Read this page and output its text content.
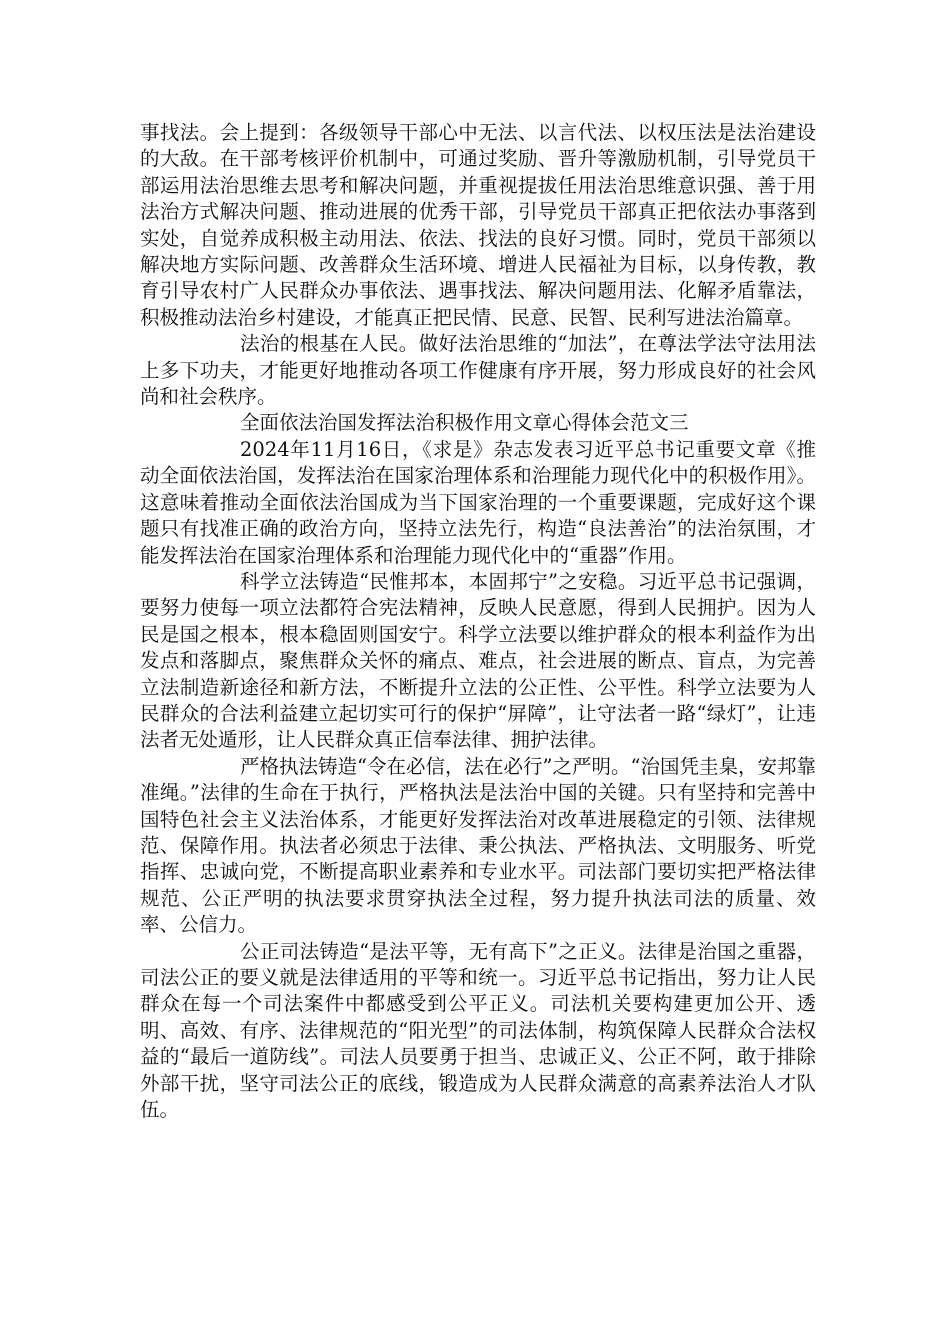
事找法。会上提到：各级领导干部心中无法、以言代法、以权压法是法治建设的大敌。在干部考核评价机制中，可通过奖励、晋升等激励机制，引导党员干部运用法治思维去思考和解决问题，并重视提拔任用法治思维意识强、善于用法治方式解决问题、推动进展的优秀干部，引导党员干部真正把依法办事落到实处，自觉养成积极主动用法、依法、找法的良好习惯。同时，党员干部须以解决地方实际问题、改善群众生活环境、增进人民福祉为目标，以身传教，教育引导农村广人民群众办事依法、遇事找法、解决问题用法、化解矛盾靠法，积极推动法治乡村建设，才能真正把民情、民意、民智、民利写进法治篇章。

法治的根基在人民。做好法治思维的“加法”，在尊法学法守法用法上多下功夫，才能更好地推动各项工作健康有序开展，努力形成良好的社会风尚和社会秩序。

全面依法治国发挥法治积极作用文章心得体会范文三

2024年11月16日，《求是》杂志发表习近平总书记重要文章《推动全面依法治国，发挥法治在国家治理体系和治理能力现代化中的积极作用》。这意味着推动全面依法治国成为当下国家治理的一个重要课题，完成好这个课题只有找准正确的政治方向，坚持立法先行，构造“良法善治”的法治氛围，才能发挥法治在国家治理体系和治理能力现代化中的“重器”作用。

科学立法铸造“民惟邦本，本固邦宁”之安稳。习近平总书记强调，要努力使每一项立法都符合宪法精神，反映人民意愿，得到人民拥护。因为人民是国之根本，根本稳固则国安宁。科学立法要以维护群众的根本利益作为出发点和落脚点，聚焦群众关怀的痛点、难点，社会进展的断点、盲点，为完善立法制造新途径和新方法，不断提升立法的公正性、公平性。科学立法要为人民群众的合法利益建立起切实可行的保护“屏障”，让守法者一路“绿灯”，让违法者无处遁形，让人民群众真正信奉法律、拥护法律。

严格执法铸造“令在必信，法在必行”之严明。“治国凭圭臬，安邦靠准绳。”法律的生命在于执行，严格执法是法治中国的关键。只有坚持和完善中国特色社会主义法治体系，才能更好发挥法治对改革进展稳定的引领、法律规范、保障作用。执法者必须忠于法律、秉公执法、严格执法、文明服务、听党指挥、忠诚向党，不断提高职业素养和专业水平。司法部门要切实把严格法律规范、公正严明的执法要求贯穿执法全过程，努力提升执法司法的质量、效率、公信力。

公正司法铸造“是法平等，无有高下”之正义。法律是治国之重器，司法公正的要义就是法律适用的平等和统一。习近平总书记指出，努力让人民群众在每一个司法案件中都感受到公平正义。司法机关要构建更加公开、透明、高效、有序、法律规范的“阳光型”的司法体制，构筑保障人民群众合法权益的“最后一道防线”。司法人员要勇于担当、忠诚正义、公正不阿，敢于排除外部干扰，坚守司法公正的底线，锻造成为人民群众满意的高素养法治人才队伍。
